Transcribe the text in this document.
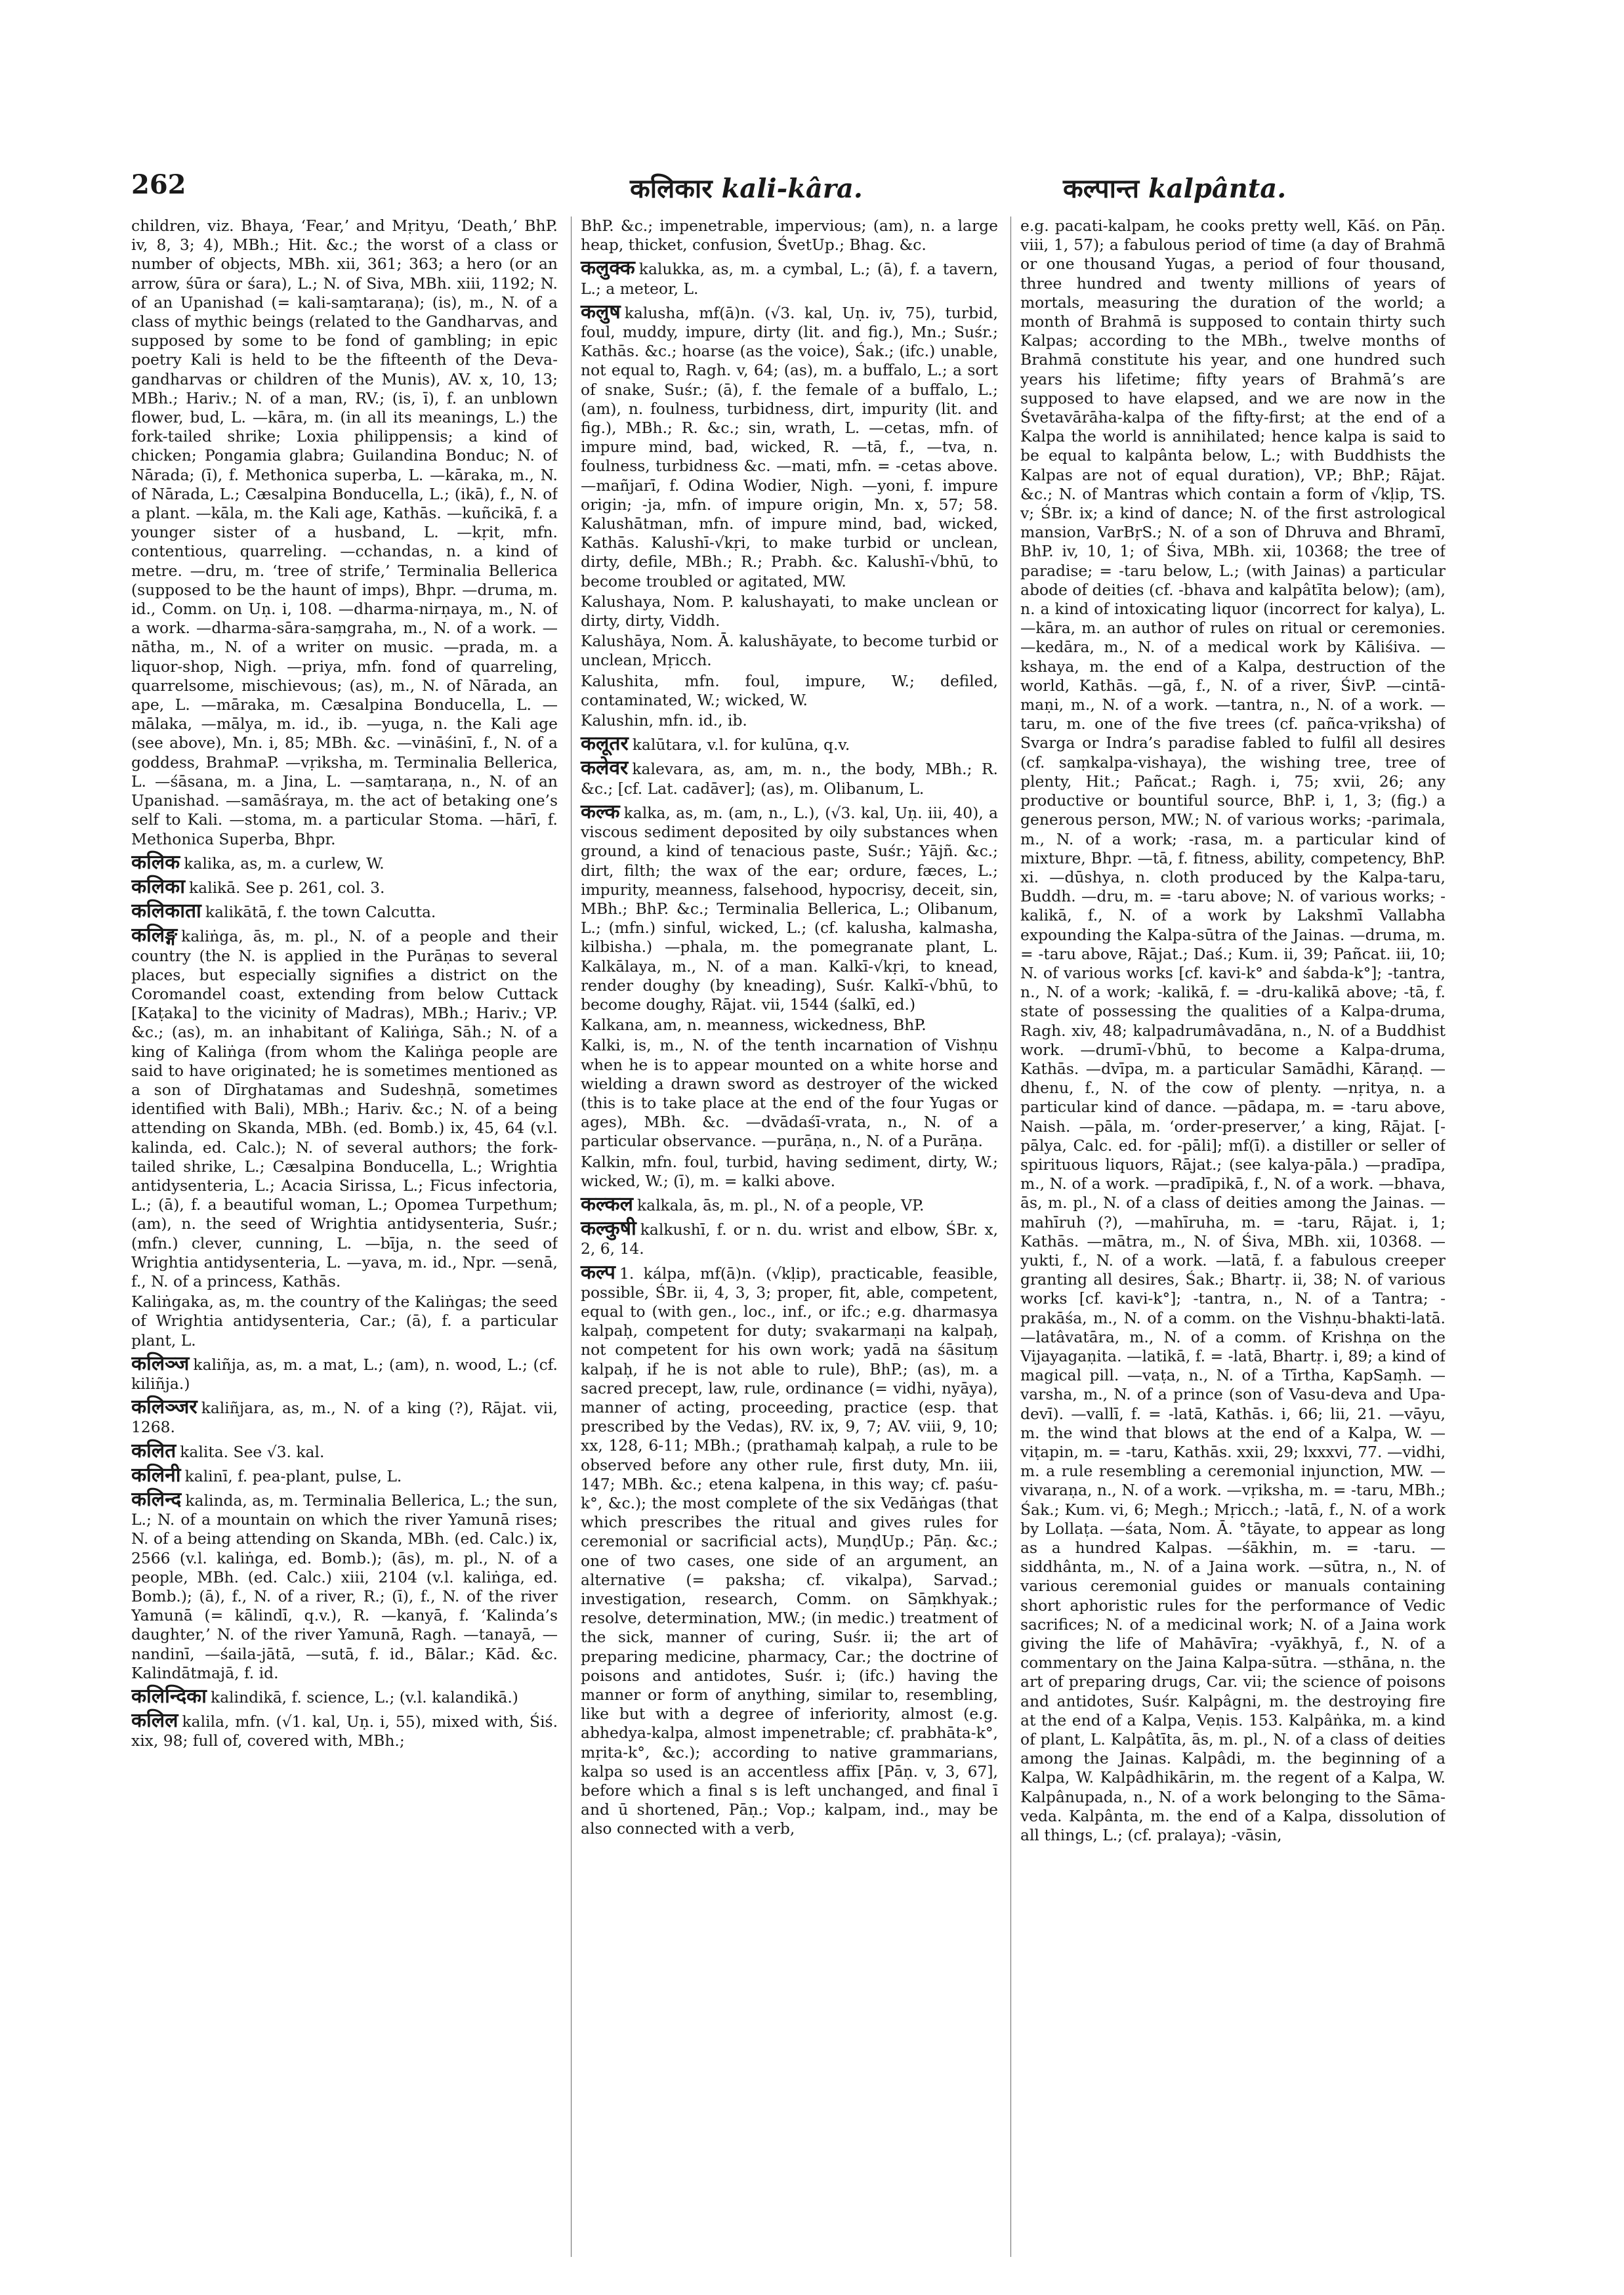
262	कलिकार kali-kâra.	कल्पान्त kalpânta.

children, viz. Bhaya, ‘Fear,’ and Mṛityu, ‘Death,’ BhP. iv, 8, 3; 4), MBh.; Hit. &c.; the worst of a class or number of objects, MBh. xii, 361; 363; a hero (or an arrow, śūra or śara), L.; N. of Siva, MBh. xiii, 1192; N. of an Upanishad (= kali-saṃtaraṇa); (is), m., N. of a class of mythic beings (related to the Gandharvas, and supposed by some to be fond of gambling; in epic poetry Kali is held to be the fifteenth of the Deva-gandharvas or children of the Munis), AV. x, 10, 13; MBh.; Hariv.; N. of a man, RV.; (is, ī), f. an unblown flower, bud, L. —kāra, m. (in all its meanings, L.) the fork-tailed shrike; Loxia philippensis; a kind of chicken; Pongamia glabra; Guilandina Bonduc; N. of Nārada; (ī), f. Methonica superba, L. —kāraka, m., N. of Nārada, L.; Cæsalpina Bonducella, L.; (ikā), f., N. of a plant. —kāla, m. the Kali age, Kathās. —kuñcikā, f. a younger sister of a husband, L. —kṛit, mfn. contentious, quarreling. —cchandas, n. a kind of metre. —dru, m. ‘tree of strife,’ Terminalia Bellerica (supposed to be the haunt of imps), Bhpr. —druma, m. id., Comm. on Uṇ. i, 108. —dharma-nirṇaya, m., N. of a work. —dharma-sāra-saṃgraha, m., N. of a work. —nātha, m., N. of a writer on music. —prada, m. a liquor-shop, Nigh. —priya, mfn. fond of quarreling, quarrelsome, mischievous; (as), m., N. of Nārada, an ape, L. —māraka, m. Cæsalpina Bonducella, L. —mālaka, —mālya, m. id., ib. —yuga, n. the Kali age (see above), Mn. i, 85; MBh. &c. —vināśinī, f., N. of a goddess, BrahmaP. —vṛiksha, m. Terminalia Bellerica, L. —śāsana, m. a Jina, L. —saṃtaraṇa, n., N. of an Upanishad. —samāśraya, m. the act of betaking one’s self to Kali. —stoma, m. a particular Stoma. —hārī, f. Methonica Superba, Bhpr.

कलिक kalika, as, m. a curlew, W.

कलिका kalikā. See p. 261, col. 3.

कलिकाता kalikātā, f. the town Calcutta.

कलिङ्ग kaliṅga, ās, m. pl., N. of a people and their country (the N. is applied in the Purāṇas to several places, but especially signifies a district on the Coromandel coast, extending from below Cuttack [Kaṭaka] to the vicinity of Madras), MBh.; Hariv.; VP. &c.; (as), m. an inhabitant of Kaliṅga, Sāh.; N. of a king of Kaliṅga (from whom the Kaliṅga people are said to have originated; he is sometimes mentioned as a son of Dīrghatamas and Sudeshṇā, sometimes identified with Bali), MBh.; Hariv. &c.; N. of a being attending on Skanda, MBh. (ed. Bomb.) ix, 45, 64 (v.l. kalinda, ed. Calc.); N. of several authors; the fork-tailed shrike, L.; Cæsalpina Bonducella, L.; Wrightia antidysenteria, L.; Acacia Sirissa, L.; Ficus infectoria, L.; (ā), f. a beautiful woman, L.; Opomea Turpethum; (am), n. the seed of Wrightia antidysenteria, Suśr.; (mfn.) clever, cunning, L. —bīja, n. the seed of Wrightia antidysenteria, L. —yava, m. id., Npr. —senā, f., N. of a princess, Kathās.

Kaliṅgaka, as, m. the country of the Kaliṅgas; the seed of Wrightia antidysenteria, Car.; (ā), f. a particular plant, L.

कलिञ्ज kaliñja, as, m. a mat, L.; (am), n. wood, L.; (cf. kiliñja.)

कलिञ्जर kaliñjara, as, m., N. of a king (?), Rājat. vii, 1268.

कलित kalita. See √3. kal.

कलिनी kalinī, f. pea-plant, pulse, L.

कलिन्द kalinda, as, m. Terminalia Bellerica, L.; the sun, L.; N. of a mountain on which the river Yamunā rises; N. of a being attending on Skanda, MBh. (ed. Calc.) ix, 2566 (v.l. kaliṅga, ed. Bomb.); (ās), m. pl., N. of a people, MBh. (ed. Calc.) xiii, 2104 (v.l. kaliṅga, ed. Bomb.); (ā), f., N. of a river, R.; (ī), f., N. of the river Yamunā (= kālindī, q.v.), R. —kanyā, f. ‘Kalinda’s daughter,’ N. of the river Yamunā, Ragh. —tanayā, —nandinī, —śaila-jātā, —sutā, f. id., Bālar.; Kād. &c. Kalindātmajā, f. id.

कलिन्दिका kalindikā, f. science, L.; (v.l. kalandikā.)

कलिल kalila, mfn. (√1. kal, Uṇ. i, 55), mixed with, Śiś. xix, 98; full of, covered with, MBh.;

BhP. &c.; impenetrable, impervious; (am), n. a large heap, thicket, confusion, ŚvetUp.; Bhag. &c.

कलुक्क kalukka, as, m. a cymbal, L.; (ā), f. a tavern, L.; a meteor, L.

कलुष kalusha, mf(ā)n. (√3. kal, Uṇ. iv, 75), turbid, foul, muddy, impure, dirty (lit. and fig.), Mn.; Suśr.; Kathās. &c.; hoarse (as the voice), Śak.; (ifc.) unable, not equal to, Ragh. v, 64; (as), m. a buffalo, L.; a sort of snake, Suśr.; (ā), f. the female of a buffalo, L.; (am), n. foulness, turbidness, dirt, impurity (lit. and fig.), MBh.; R. &c.; sin, wrath, L. —cetas, mfn. of impure mind, bad, wicked, R. —tā, f., —tva, n. foulness, turbidness &c. —mati, mfn. = -cetas above. —mañjarī, f. Odina Wodier, Nigh. —yoni, f. impure origin; -ja, mfn. of impure origin, Mn. x, 57; 58. Kalushātman, mfn. of impure mind, bad, wicked, Kathās. Kalushī-√kṛi, to make turbid or unclean, dirty, defile, MBh.; R.; Prabh. &c. Kalushī-√bhū, to become troubled or agitated, MW.

Kalushaya, Nom. P. kalushayati, to make unclean or dirty, dirty, Viddh.

Kalushāya, Nom. Ā. kalushāyate, to become turbid or unclean, Mṛicch.

Kalushita, mfn. foul, impure, W.; defiled, contaminated, W.; wicked, W.

Kalushin, mfn. id., ib.

कलूतर kalūtara, v.l. for kulūna, q.v.

कलेवर kalevara, as, am, m. n., the body, MBh.; R. &c.; [cf. Lat. cadāver]; (as), m. Olibanum, L.

कल्क kalka, as, m. (am, n., L.), (√3. kal, Uṇ. iii, 40), a viscous sediment deposited by oily substances when ground, a kind of tenacious paste, Suśr.; Yājñ. &c.; dirt, filth; the wax of the ear; ordure, fæces, L.; impurity, meanness, falsehood, hypocrisy, deceit, sin, MBh.; BhP. &c.; Terminalia Bellerica, L.; Olibanum, L.; (mfn.) sinful, wicked, L.; (cf. kalusha, kalmasha, kilbisha.) —phala, m. the pomegranate plant, L. Kalkālaya, m., N. of a man. Kalkī-√kṛi, to knead, render doughy (by kneading), Suśr. Kalkī-√bhū, to become doughy, Rājat. vii, 1544 (śalkī, ed.)

Kalkana, am, n. meanness, wickedness, BhP.

Kalki, is, m., N. of the tenth incarnation of Vishṇu when he is to appear mounted on a white horse and wielding a drawn sword as destroyer of the wicked (this is to take place at the end of the four Yugas or ages), MBh. &c. —dvādaśī-vrata, n., N. of a particular observance. —purāṇa, n., N. of a Purāṇa.

Kalkin, mfn. foul, turbid, having sediment, dirty, W.; wicked, W.; (ī), m. = kalki above.

कल्कल kalkala, ās, m. pl., N. of a people, VP.

कल्कुषी kalkushī, f. or n. du. wrist and elbow, ŚBr. x, 2, 6, 14.

कल्प 1. kálpa, mf(ā)n. (√kḷip), practicable, feasible, possible, ŚBr. ii, 4, 3, 3; proper, fit, able, competent, equal to (with gen., loc., inf., or ifc.; e.g. dharmasya kalpaḥ, competent for duty; svakarmaṇi na kalpaḥ, not competent for his own work; yadā na śāsituṃ kalpaḥ, if he is not able to rule), BhP.; (as), m. a sacred precept, law, rule, ordinance (= vidhi, nyāya), manner of acting, proceeding, practice (esp. that prescribed by the Vedas), RV. ix, 9, 7; AV. viii, 9, 10; xx, 128, 6-11; MBh.; (prathamaḥ kalpaḥ, a rule to be observed before any other rule, first duty, Mn. iii, 147; MBh. &c.; etena kalpena, in this way; cf. paśu-k°, &c.); the most complete of the six Vedāṅgas (that which prescribes the ritual and gives rules for ceremonial or sacrificial acts), MuṇḍUp.; Pāṇ. &c.; one of two cases, one side of an argument, an alternative (= paksha; cf. vikalpa), Sarvad.; investigation, research, Comm. on Sāṃkhyak.; resolve, determination, MW.; (in medic.) treatment of the sick, manner of curing, Suśr. ii; the art of preparing medicine, pharmacy, Car.; the doctrine of poisons and antidotes, Suśr. i; (ifc.) having the manner or form of anything, similar to, resembling, like but with a degree of inferiority, almost (e.g. abhedya-kalpa, almost impenetrable; cf. prabhāta-k°, mṛita-k°, &c.); according to native grammarians, kalpa so used is an accentless affix [Pāṇ. v, 3, 67], before which a final s is left unchanged, and final ī and ū shortened, Pāṇ.; Vop.; kalpam, ind., may be also connected with a verb,

e.g. pacati-kalpam, he cooks pretty well, Kāś. on Pāṇ. viii, 1, 57); a fabulous period of time (a day of Brahmā or one thousand Yugas, a period of four thousand, three hundred and twenty millions of years of mortals, measuring the duration of the world; a month of Brahmā is supposed to contain thirty such Kalpas; according to the MBh., twelve months of Brahmā constitute his year, and one hundred such years his lifetime; fifty years of Brahmā’s are supposed to have elapsed, and we are now in the Śvetavārāha-kalpa of the fifty-first; at the end of a Kalpa the world is annihilated; hence kalpa is said to be equal to kalpânta below, L.; with Buddhists the Kalpas are not of equal duration), VP.; BhP.; Rājat. &c.; N. of Mantras which contain a form of √kḷip, TS. v; ŚBr. ix; a kind of dance; N. of the first astrological mansion, VarBṛS.; N. of a son of Dhruva and Bhramī, BhP. iv, 10, 1; of Śiva, MBh. xii, 10368; the tree of paradise; = -taru below, L.; (with Jainas) a particular abode of deities (cf. -bhava and kalpâtīta below); (am), n. a kind of intoxicating liquor (incorrect for kalya), L. —kāra, m. an author of rules on ritual or ceremonies. —kedāra, m., N. of a medical work by Kāliśiva. —kshaya, m. the end of a Kalpa, destruction of the world, Kathās. —gā, f., N. of a river, ŚivP. —cintā-maṇi, m., N. of a work. —tantra, n., N. of a work. —taru, m. one of the five trees (cf. pañca-vṛiksha) of Svarga or Indra’s paradise fabled to fulfil all desires (cf. saṃkalpa-vishaya), the wishing tree, tree of plenty, Hit.; Pañcat.; Ragh. i, 75; xvii, 26; any productive or bountiful source, BhP. i, 1, 3; (fig.) a generous person, MW.; N. of various works; -parimala, m., N. of a work; -rasa, m. a particular kind of mixture, Bhpr. —tā, f. fitness, ability, competency, BhP. xi. —dūshya, n. cloth produced by the Kalpa-taru, Buddh. —dru, m. = -taru above; N. of various works; -kalikā, f., N. of a work by Lakshmī Vallabha expounding the Kalpa-sūtra of the Jainas. —druma, m. = -taru above, Rājat.; Daś.; Kum. ii, 39; Pañcat. iii, 10; N. of various works [cf. kavi-k° and śabda-k°]; -tantra, n., N. of a work; -kalikā, f. = -dru-kalikā above; -tā, f. state of possessing the qualities of a Kalpa-druma, Ragh. xiv, 48; kalpadrumâvadāna, n., N. of a Buddhist work. —drumī-√bhū, to become a Kalpa-druma, Kathās. —dvīpa, m. a particular Samādhi, Kāraṇḍ. —dhenu, f., N. of the cow of plenty. —nṛitya, n. a particular kind of dance. —pādapa, m. = -taru above, Naish. —pāla, m. ‘order-preserver,’ a king, Rājat. [-pālya, Calc. ed. for -pāli]; mf(ī). a distiller or seller of spirituous liquors, Rājat.; (see kalya-pāla.) —pradīpa, m., N. of a work. —pradīpikā, f., N. of a work. —bhava, ās, m. pl., N. of a class of deities among the Jainas. —mahīruh (?), —mahīruha, m. = -taru, Rājat. i, 1; Kathās. —mātra, m., N. of Śiva, MBh. xii, 10368. —yukti, f., N. of a work. —latā, f. a fabulous creeper granting all desires, Śak.; Bhartṛ. ii, 38; N. of various works [cf. kavi-k°]; -tantra, n., N. of a Tantra; -prakāśa, m., N. of a comm. on the Vishṇu-bhakti-latā. —latâvatāra, m., N. of a comm. of Krishṇa on the Vijayagaṇita. —latikā, f. = -latā, Bhartṛ. i, 89; a kind of magical pill. —vaṭa, n., N. of a Tīrtha, KapSaṃh. —varsha, m., N. of a prince (son of Vasu-deva and Upa-devī). —vallī, f. = -latā, Kathās. i, 66; lii, 21. —vāyu, m. the wind that blows at the end of a Kalpa, W. —viṭapin, m. = -taru, Kathās. xxii, 29; lxxxvi, 77. —vidhi, m. a rule resembling a ceremonial injunction, MW. —vivaraṇa, n., N. of a work. —vṛiksha, m. = -taru, MBh.; Śak.; Kum. vi, 6; Megh.; Mṛicch.; -latā, f., N. of a work by Lollaṭa. —śata, Nom. Ā. °tāyate, to appear as long as a hundred Kalpas. —śākhin, m. = -taru. —siddhânta, m., N. of a Jaina work. —sūtra, n., N. of various ceremonial guides or manuals containing short aphoristic rules for the performance of Vedic sacrifices; N. of a medicinal work; N. of a Jaina work giving the life of Mahāvīra; -vyākhyā, f., N. of a commentary on the Jaina Kalpa-sūtra. —sthāna, n. the art of preparing drugs, Car. vii; the science of poisons and antidotes, Suśr. Kalpâgni, m. the destroying fire at the end of a Kalpa, Veṇis. 153. Kalpâṅka, m. a kind of plant, L. Kalpâtīta, ās, m. pl., N. of a class of deities among the Jainas. Kalpâdi, m. the beginning of a Kalpa, W. Kalpâdhikārin, m. the regent of a Kalpa, W. Kalpânupada, n., N. of a work belonging to the Sāma-veda. Kalpânta, m. the end of a Kalpa, dissolution of all things, L.; (cf. pralaya); -vāsin,
